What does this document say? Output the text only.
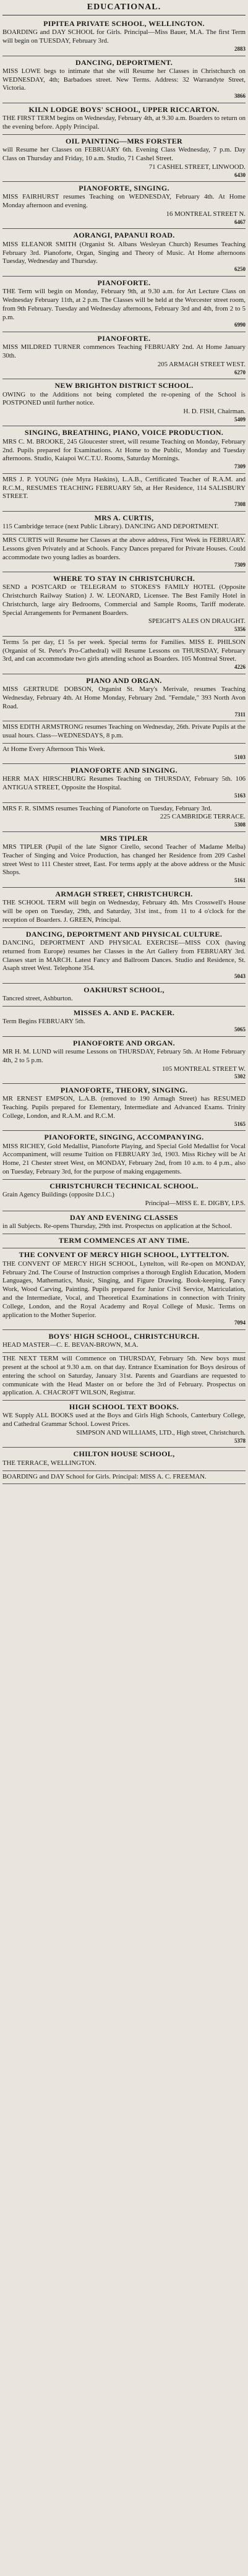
EDUCATIONAL.
PIPITEA PRIVATE SCHOOL, WELLINGTON.
BOARDING and DAY SCHOOL for Girls. Principal—Miss Bauer, M.A. The first Term will begin on TUESDAY, February 3rd.
2883
DANCING, DEPORTMENT.
MISS LOWE begs to intimate that she will Resume her Classes in Christchurch on WEDNESDAY, 4th; Barbadoes street. New Terms. Address: 32 Warrandyte Street, Victoria.
3866
KILN LODGE BOYS' SCHOOL, UPPER RICCARTON.
THE FIRST TERM begins on Wednesday, February 4th, at 9.30 a.m. Boarders to return on the evening before. Apply Principal.
OIL PAINTING—MRS FORSTER
will Resume her Classes on FEBRUARY 6th. Evening Class Wednesday, 7 p.m. Day Class on Thursday and Friday, 10 a.m. Studio, 71 Cashel Street.
71 CASHEL STREET, LINWOOD.
6430
PIANOFORTE, SINGING.
MISS FAIRHURST resumes Teaching on WEDNESDAY, February 4th. At Home Monday afternoon and evening.
16 MONTREAL STREET N.
6467
AORANGI, PAPANUI ROAD.
MISS ELEANOR SMITH (Organist St. Albans Wesleyan Church) Resumes Teaching February 3rd. Pianoforte, Organ, Singing and Theory of Music. At Home afternoons Tuesday, Wednesday and Thursday.
6250
PIANOFORTE.
THE Term will begin on Monday, February 9th, at 9.30 a.m. for Art Lecture Class on Wednesday February 11th, at 2 p.m. The Classes will be held at the Worcester street room, from 9th February. Tuesday and Wednesday afternoons, February 3rd and 4th, from 2 to 5 p.m.
6990
PIANOFORTE.
MISS MILDRED TURNER commences Teaching FEBRUARY 2nd. At Home January 30th.
205 ARMAGH STREET WEST.
6270
NEW BRIGHTON DISTRICT SCHOOL.
OWING to the Additions not being completed the re-opening of the School is POSTPONED until further notice.
H. D. FISH, Chairman.
5409
SINGING, BREATHING, PIANO, VOICE PRODUCTION.
MRS C. M. BROOKE, 245 Gloucester street, will resume Teaching on Monday, February 2nd. Pupils prepared for Examinations. At Home to the Public, Monday and Tuesday afternoons. Studio, Kaiapoi W.C.T.U. Rooms, Saturday Mornings.
7309
MRS J. P. YOUNG (née Myra Haskins), L.A.B., Certificated Teacher of R.A.M. and R.C.M., RESUMES TEACHING FEBRUARY 5th, at Her Residence, 114 SALISBURY STREET.
7308
MRS A. CURTIS,
115 Cambridge terrace (next Public Library). DANCING AND DEPORTMENT.
MRS CURTIS will Resume her Classes at the above address, First Week in FEBRUARY. Lessons given Privately and at Schools. Fancy Dances prepared for Private Houses. Could accommodate two young ladies as boarders.
7309
WHERE TO STAY IN CHRISTCHURCH.
SEND a POSTCARD or TELEGRAM to STOKES'S FAMILY HOTEL (Opposite Christchurch Railway Station) J. W. LEONARD, Licensee. The Best Family Hotel in Christchurch, large airy Bedrooms, Commercial and Sample Rooms, Tariff moderate. Special Arrangements for Permanent Boarders.
SPEIGHT'S ALES ON DRAUGHT.
5356
Terms 5s per day, £1 5s per week. Special terms for Families. MISS E. PHILSON (Organist of St. Peter's Pro-Cathedral) will Resume Lessons on THURSDAY, February 3rd, and can accommodate two girls attending school as Boarders. 105 Montreal Street.
4226
PIANO AND ORGAN.
MISS GERTRUDE DOBSON, Organist St. Mary's Merivale, resumes Teaching Wednesday, February 4th. At Home Monday, February 2nd. "Ferndale," 393 North Avon Road.
7311
MISS EDITH ARMSTRONG resumes Teaching on Wednesday, 26th. Private Pupils at the usual hours. Class—WEDNESDAYS, 8 p.m.
At Home Every Afternoon This Week.
5103
PIANOFORTE AND SINGING.
HERR MAX HIRSCHBURG Resumes Teaching on THURSDAY, February 5th. 106 ANTIGUA STREET, Opposite the Hospital.
5163
MRS F. R. SIMMS resumes Teaching of Pianoforte on Tuesday, February 3rd.
225 CAMBRIDGE TERRACE.
5308
MRS TIPLER
MRS TIPLER (Pupil of the late Signor Cirello, second Teacher of Madame Melba) Teacher of Singing and Voice Production, has changed her Residence from 209 Cashel street West to 111 Chester street, East. For terms apply at the above address or the Music Shops.
5161
ARMAGH STREET, CHRISTCHURCH.
THE SCHOOL TERM will begin on Wednesday, February 4th. Mrs Crosswell's House will be open on Tuesday, 29th, and Saturday, 31st inst., from 11 to 4 o'clock for the reception of Boarders. J. GREEN, Principal.
DANCING, DEPORTMENT AND PHYSICAL CULTURE.
DANCING, DEPORTMENT AND PHYSICAL EXERCISE—MISS COX (having returned from Europe) resumes her Classes in the Art Gallery from FEBRUARY 3rd. Classes start in MARCH. Latest Fancy and Ballroom Dances. Studio and Residence, St. Asaph street West. Telephone 354.
5043
OAKHURST SCHOOL,
Tancred street, Ashburton.
MISSES A. AND E. PACKER.
Term Begins FEBRUARY 5th.
5065
PIANOFORTE AND ORGAN.
MR H. M. LUND will resume Lessons on THURSDAY, February 5th. At Home February 4th, 2 to 5 p.m.
105 MONTREAL STREET W.
5302
PIANOFORTE, THEORY, SINGING.
MR ERNEST EMPSON, L.A.B. (removed to 190 Armagh Street) has RESUMED Teaching. Pupils prepared for Elementary, Intermediate and Advanced Exams. Trinity College, London, and R.A.M. and R.C.M.
5165
PIANOFORTE, SINGING, ACCOMPANYING.
MISS RICHEY, Gold Medallist, Pianoforte Playing, and Special Gold Medallist for Vocal Accompaniment, will resume Tuition on FEBRUARY 3rd, 1903. Miss Richey will be At Home, 21 Chester street West, on MONDAY, February 2nd, from 10 a.m. to 4 p.m., also on Tuesday, February 3rd, for the purpose of making engagements.
CHRISTCHURCH TECHNICAL SCHOOL.
Grain Agency Buildings (opposite D.I.C.)
Principal—MISS E. E. DIGBY, I.P.S.
DAY AND EVENING CLASSES
in all Subjects. Re-opens Thursday, 29th inst. Prospectus on application at the School.
TERM COMMENCES AT ANY TIME.
THE CONVENT OF MERCY HIGH SCHOOL, LYTTELTON.
THE CONVENT OF MERCY HIGH SCHOOL, Lyttelton, will Re-open on MONDAY, February 2nd. The Course of Instruction comprises a thorough English Education, Modern Languages, Mathematics, Music, Singing, and Figure Drawing. Book-keeping, Fancy Work, Wood Carving, Painting. Pupils prepared for Junior Civil Service, Matriculation, and the Intermediate, Vocal, and Theoretical Examinations in connection with Trinity College, London, and the Royal Academy and Royal College of Music. Terms on application to the Mother Superior.
7094
BOYS' HIGH SCHOOL, CHRISTCHURCH.
HEAD MASTER—C. E. BEVAN-BROWN, M.A.
THE NEXT TERM will Commence on THURSDAY, February 5th. New boys must present at the school at 9.30 a.m. on that day. Entrance Examination for Boys desirous of entering the school on Saturday, January 31st. Parents and Guardians are requested to communicate with the Head Master on or before the 3rd of February. Prospectus on application. A. CHACROFT WILSON, Registrar.
HIGH SCHOOL TEXT BOOKS.
WE Supply ALL BOOKS used at the Boys and Girls High Schools, Canterbury College, and Cathedral Grammar School. Lowest Prices.
SIMPSON AND WILLIAMS, LTD., High street, Christchurch.
5378
CHILTON HOUSE SCHOOL,
THE TERRACE, WELLINGTON.
BOARDING and DAY School for Girls. Principal: MISS A. C. FREEMAN.
